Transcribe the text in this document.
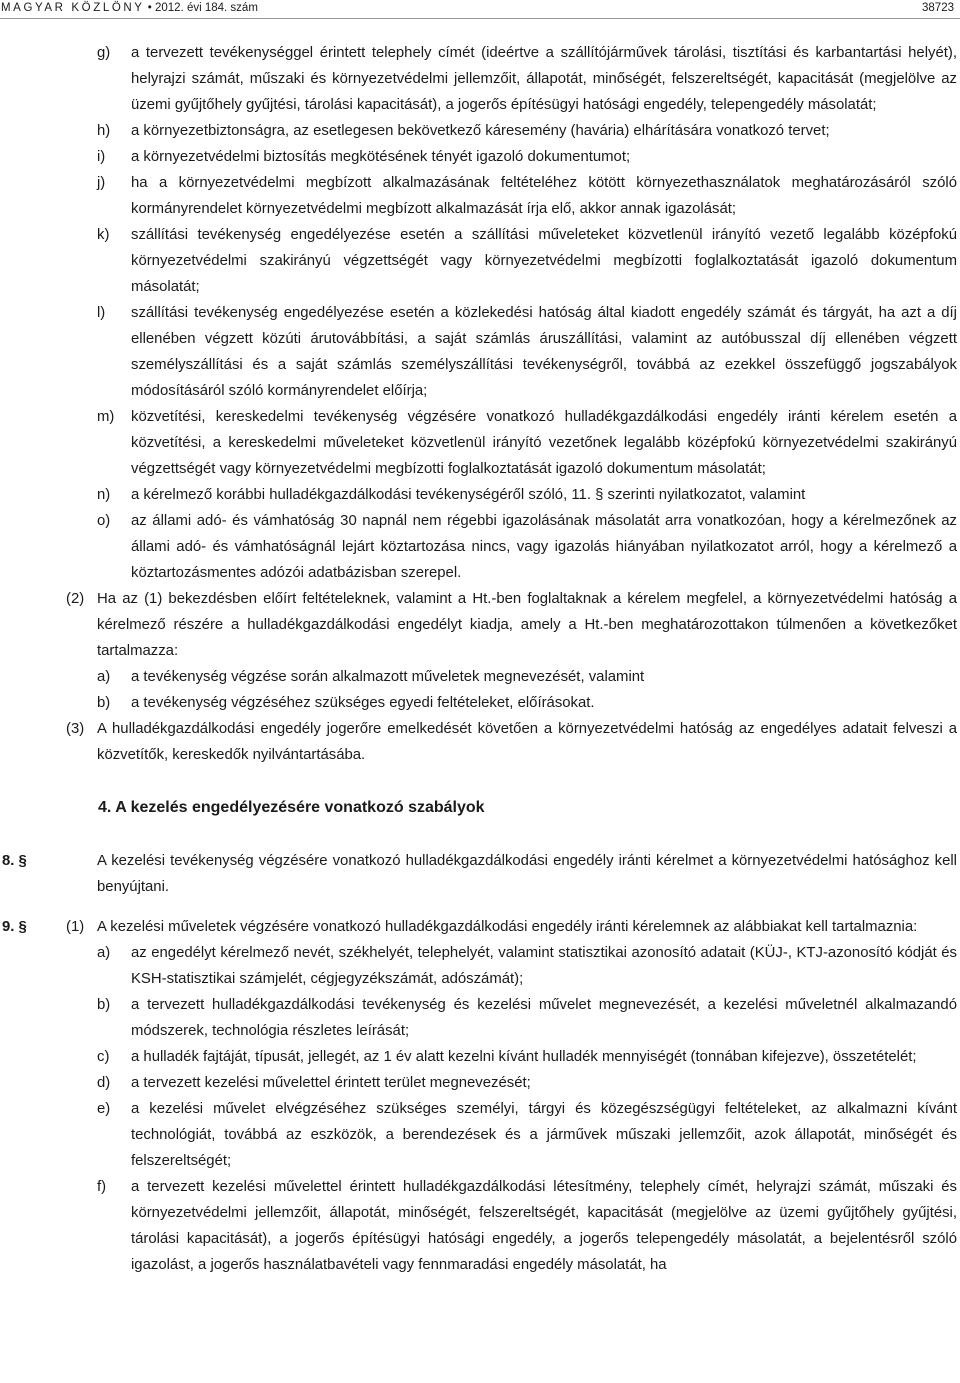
MAGYAR KÖZLÖNY • 2012. évi 184. szám	38723
g) a tervezett tevékenységgel érintett telephely címét (ideértve a szállítójárművek tárolási, tisztítási és karbantartási helyét), helyrajzi számát, műszaki és környezetvédelmi jellemzőit, állapotát, minőségét, felszereltségét, kapacitását (megjelölve az üzemi gyűjtőhely gyűjtési, tárolási kapacitását), a jogerős építésügyi hatósági engedély, telepengedély másolatát;
h) a környezetbiztonságra, az esetlegesen bekövetkező káresemény (havária) elhárítására vonatkozó tervet;
i) a környezetvédelmi biztosítás megkötésének tényét igazoló dokumentumot;
j) ha a környezetvédelmi megbízott alkalmazásának feltételéhez kötött környezethasználatok meghatározásáról szóló kormányrendelet környezetvédelmi megbízott alkalmazását írja elő, akkor annak igazolását;
k) szállítási tevékenység engedélyezése esetén a szállítási műveleteket közvetlenül irányító vezető legalább középfokú környezetvédelmi szakirányú végzettségét vagy környezetvédelmi megbízotti foglalkoztatását igazoló dokumentum másolatát;
l) szállítási tevékenység engedélyezése esetén a közlekedési hatóság által kiadott engedély számát és tárgyát, ha azt a díj ellenében végzett közúti árutovábbítási, a saját számlás áruszállítási, valamint az autóbusszal díj ellenében végzett személyszállítási és a saját számlás személyszállítási tevékenységről, továbbá az ezekkel összefüggő jogszabályok módosításáról szóló kormányrendelet előírja;
m) közvetítési, kereskedelmi tevékenység végzésére vonatkozó hulladékgazdálkodási engedély iránti kérelem esetén a közvetítési, a kereskedelmi műveleteket közvetlenül irányító vezetőnek legalább középfokú környezetvédelmi szakirányú végzettségét vagy környezetvédelmi megbízotti foglalkoztatását igazoló dokumentum másolatát;
n) a kérelmező korábbi hulladékgazdálkodási tevékenységéről szóló, 11. § szerinti nyilatkozatot, valamint
o) az állami adó- és vámhatóság 30 napnál nem régebbi igazolásának másolatát arra vonatkozóan, hogy a kérelmezőnek az állami adó- és vámhatóságnál lejárt köztartozása nincs, vagy igazolás hiányában nyilatkozatot arról, hogy a kérelmező a köztartozásmentes adózói adatbázisban szerepel.
(2) Ha az (1) bekezdésben előírt feltételeknek, valamint a Ht.-ben foglaltaknak a kérelem megfelel, a környezetvédelmi hatóság a kérelmező részére a hulladékgazdálkodási engedélyt kiadja, amely a Ht.-ben meghatározottakon túlmenően a következőket tartalmazza:
a) a tevékenység végzése során alkalmazott műveletek megnevezését, valamint
b) a tevékenység végzéséhez szükséges egyedi feltételeket, előírásokat.
(3) A hulladékgazdálkodási engedély jogerőre emelkedését követően a környezetvédelmi hatóság az engedélyes adatait felveszi a közvetítők, kereskedők nyilvántartásába.
4. A kezelés engedélyezésére vonatkozó szabályok
8. §	A kezelési tevékenység végzésére vonatkozó hulladékgazdálkodási engedély iránti kérelmet a környezetvédelmi hatósághoz kell benyújtani.
9. §	(1) A kezelési műveletek végzésére vonatkozó hulladékgazdálkodási engedély iránti kérelemnek az alábbiakat kell tartalmaznia:
a) az engedélyt kérelmező nevét, székhelyét, telephelyét, valamint statisztikai azonosító adatait (KÜJ-, KTJ-azonosító kódját és KSH-statisztikai számjelét, cégjegyzékszámát, adószámát);
b) a tervezett hulladékgazdálkodási tevékenység és kezelési művelet megnevezését, a kezelési műveletnél alkalmazandó módszerek, technológia részletes leírását;
c) a hulladék fajtáját, típusát, jellegét, az 1 év alatt kezelni kívánt hulladék mennyiségét (tonnában kifejezve), összetételét;
d) a tervezett kezelési művelettel érintett terület megnevezését;
e) a kezelési művelet elvégzéséhez szükséges személyi, tárgyi és közegészségügyi feltételeket, az alkalmazni kívánt technológiát, továbbá az eszközök, a berendezések és a járművek műszaki jellemzőit, azok állapotát, minőségét és felszereltségét;
f) a tervezett kezelési művelettel érintett hulladékgazdálkodási létesítmény, telephely címét, helyrajzi számát, műszaki és környezetvédelmi jellemzőit, állapotát, minőségét, felszereltségét, kapacitását (megjelölve az üzemi gyűjtőhely gyűjtési, tárolási kapacitását), a jogerős építésügyi hatósági engedély, a jogerős telepengedély másolatát, a bejelentésről szóló igazolást, a jogerős használatbavételi vagy fennmaradási engedély másolatát, ha
